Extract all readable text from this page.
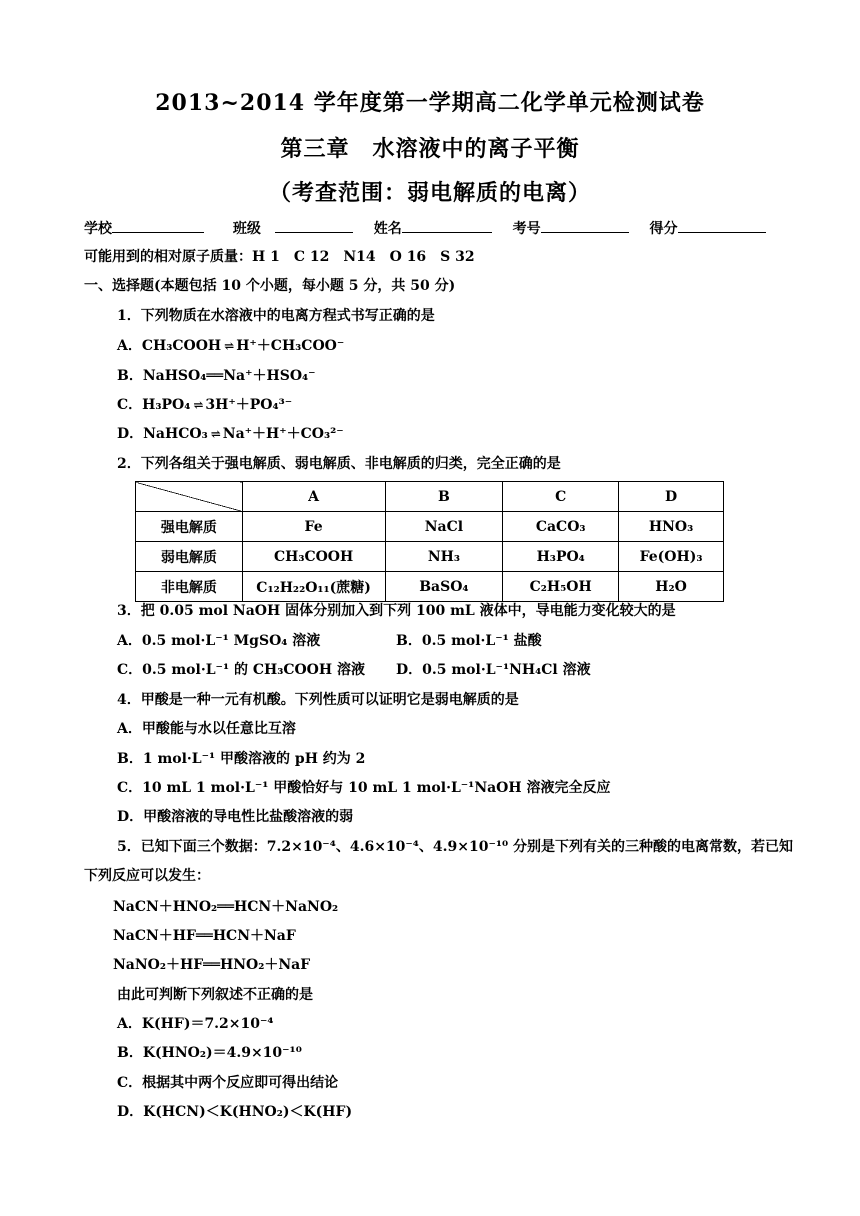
2013~2014 学年度第一学期高二化学单元检测试卷
第三章　水溶液中的离子平衡
（考查范围：弱电解质的电离）
学校	班级	姓名	考号	得分
可能用到的相对原子质量：H 1　C 12　N14　O 16　S 32
一、选择题(本题包括 10 个小题，每小题 5 分，共 50 分)
1．下列物质在水溶液中的电离方程式书写正确的是
A．CH₃COOH ⇌ H⁺＋CH₃COO⁻
B．NaHSO₄══Na⁺＋HSO₄⁻
C．H₃PO₄ ⇌ 3H⁺＋PO₄³⁻
D．NaHCO₃ ⇌ Na⁺＋H⁺＋CO₃²⁻
2．下列各组关于强电解质、弱电解质、非电解质的归类，完全正确的是
	A	B	C	D
强电解质	Fe	NaCl	CaCO₃	HNO₃
弱电解质	CH₃COOH	NH₃	H₃PO₄	Fe(OH)₃
非电解质	C₁₂H₂₂O₁₁(蔗糖)	BaSO₄	C₂H₅OH	H₂O
3．把 0.05 mol NaOH 固体分别加入到下列 100 mL 液体中，导电能力变化较大的是
A．0.5 mol·L⁻¹ MgSO₄ 溶液	B．0.5 mol·L⁻¹ 盐酸
C．0.5 mol·L⁻¹ 的 CH₃COOH 溶液 D．0.5 mol·L⁻¹NH₄Cl 溶液
4．甲酸是一种一元有机酸。下列性质可以证明它是弱电解质的是
A．甲酸能与水以任意比互溶
B．1 mol·L⁻¹ 甲酸溶液的 pH 约为 2
C．10 mL 1 mol·L⁻¹ 甲酸恰好与 10 mL 1 mol·L⁻¹NaOH 溶液完全反应
D．甲酸溶液的导电性比盐酸溶液的弱
5．已知下面三个数据：7.2×10⁻⁴、4.6×10⁻⁴、4.9×10⁻¹⁰ 分别是下列有关的三种酸的电离常数，若已知
下列反应可以发生：
NaCN＋HNO₂══HCN＋NaNO₂
NaCN＋HF══HCN＋NaF
NaNO₂＋HF══HNO₂＋NaF
由此可判断下列叙述不正确的是
A．K(HF)＝7.2×10⁻⁴
B．K(HNO₂)＝4.9×10⁻¹⁰
C．根据其中两个反应即可得出结论
D．K(HCN)＜K(HNO₂)＜K(HF)
